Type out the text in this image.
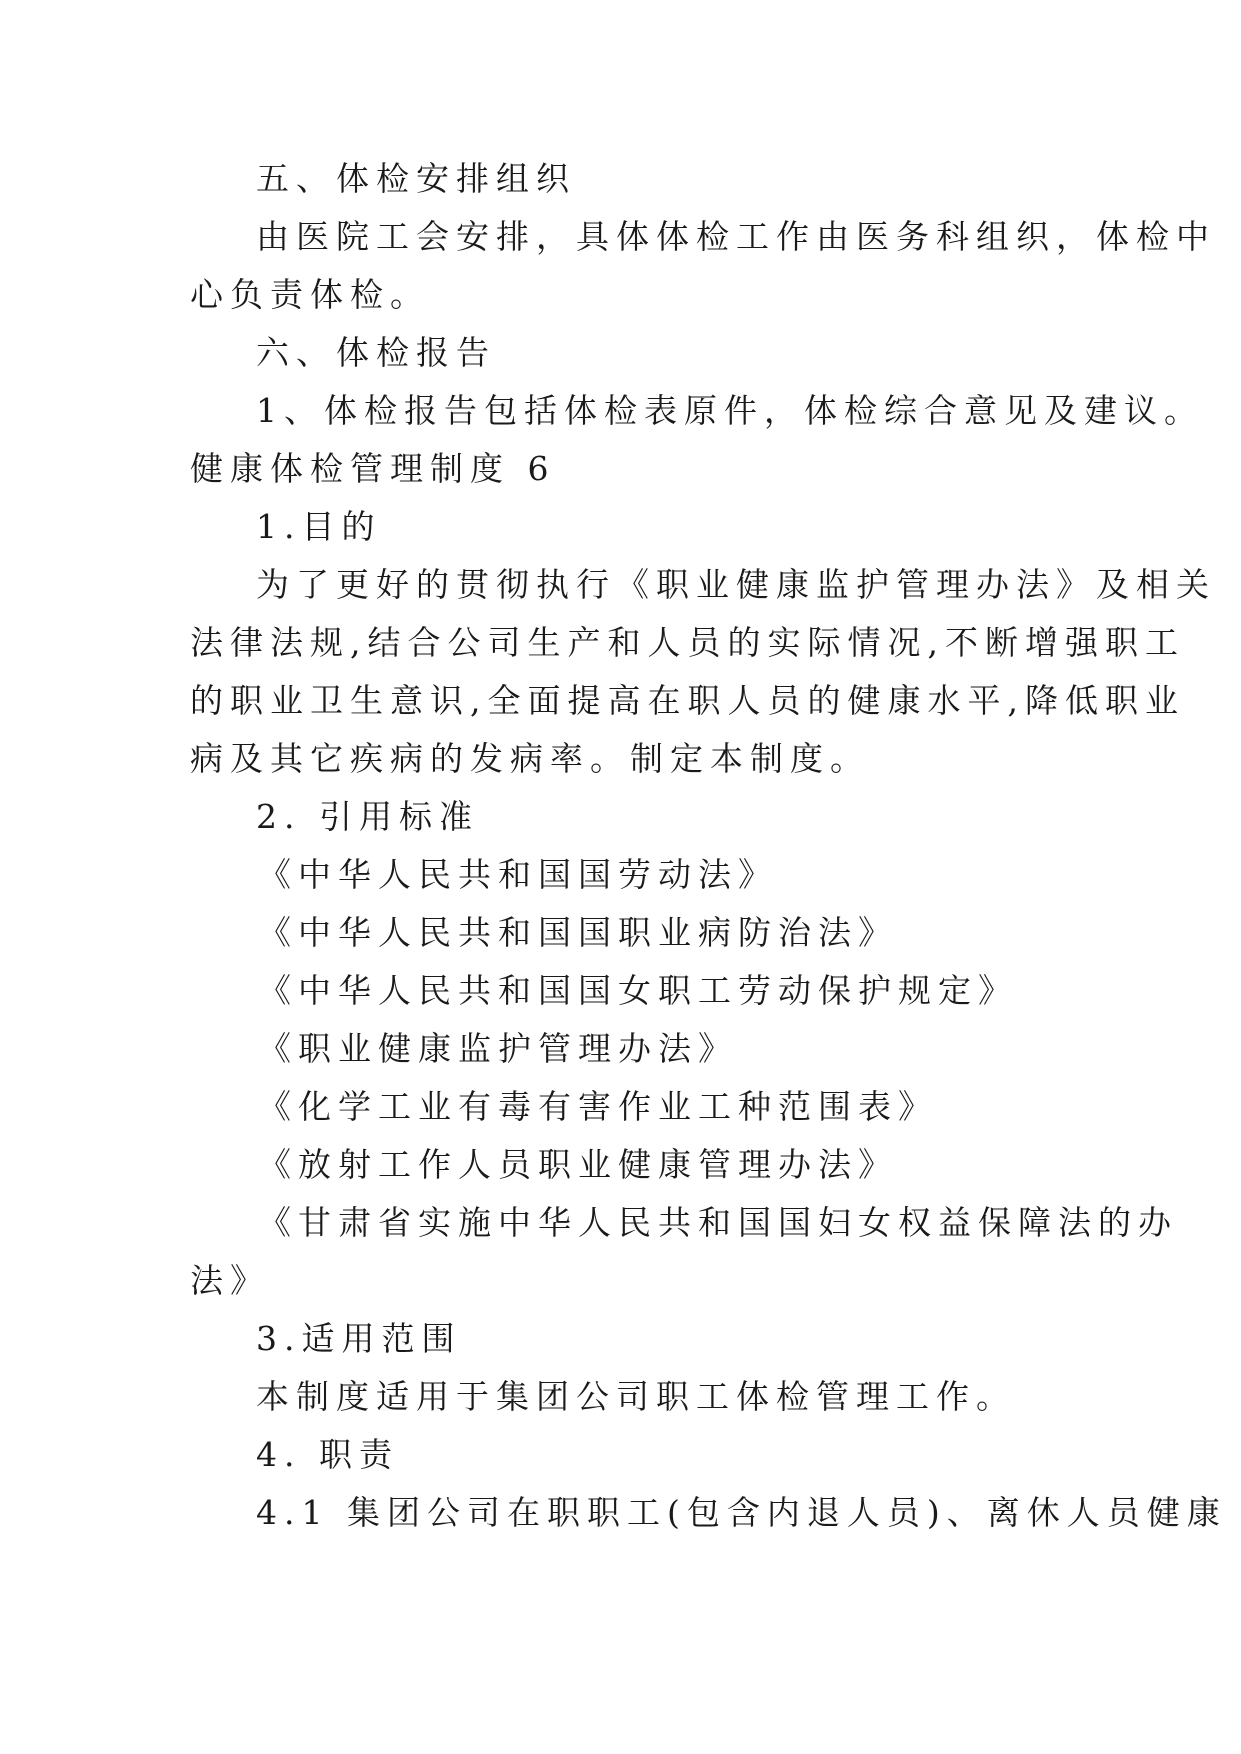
五、体检安排组织

由医院工会安排，具体体检工作由医务科组织，体检中

心负责体检。

六、体检报告

1、体检报告包括体检表原件，体检综合意见及建议。

健康体检管理制度 6

1.目的

为了更好的贯彻执行《职业健康监护管理办法》及相关

法律法规,结合公司生产和人员的实际情况,不断增强职工

的职业卫生意识,全面提高在职人员的健康水平,降低职业

病及其它疾病的发病率。制定本制度。

2. 引用标准

《中华人民共和国国劳动法》

《中华人民共和国国职业病防治法》

《中华人民共和国国女职工劳动保护规定》

《职业健康监护管理办法》

《化学工业有毒有害作业工种范围表》

《放射工作人员职业健康管理办法》

《甘肃省实施中华人民共和国国妇女权益保障法的办

法》

3.适用范围

本制度适用于集团公司职工体检管理工作。

4. 职责

4.1 集团公司在职职工(包含内退人员)、离休人员健康
